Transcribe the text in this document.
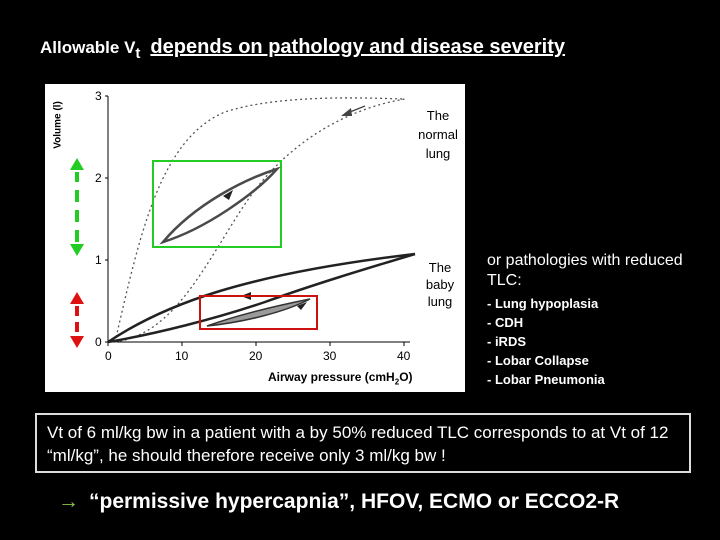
Allowable $V_t$ depends on pathology and disease severity
0
1
2
3
0	10	20	30	40
Volume (l)	The
normal
lung
The
baby
lung
Airway pressure (cmH$_2$O)
or pathologies with reduced TLC:
- Lung hypoplasia
- CDH
- iRDS
- Lobar Collapse
- Lobar Pneumonia
Vt of 6 ml/kg bw in a patient with a by 50% reduced TLC corresponds to at Vt of 12 “ml/kg”, he should therefore receive only 3 ml/kg bw !
→ “permissive hypercapnia”, HFOV, ECMO or ECCO2-R
